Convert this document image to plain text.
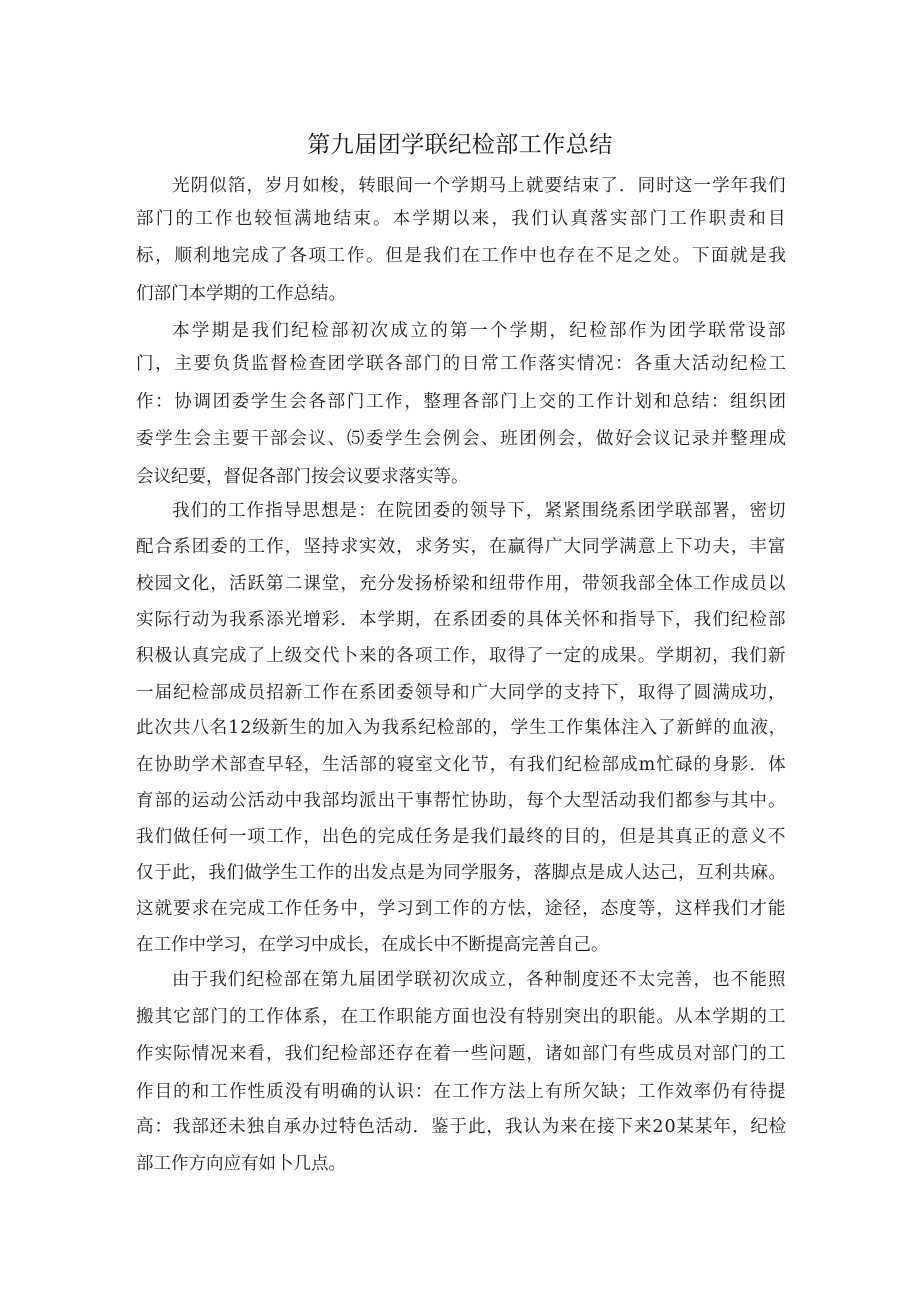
第九届团学联纪检部工作总结
光阴似箔，岁月如梭，转眼间一个学期马上就要结束了．同时这一学年我们
部门的工作也较恒满地结束。本学期以来，我们认真落实部门工作职责和目
标，顺利地完成了各项工作。但是我们在工作中也存在不足之处。下面就是我
们部门本学期的工作总结。
本学期是我们纪检部初次成立的第一个学期，纪检部作为团学联常设部
门，主要负货监督检查团学联各部门的日常工作落实情况：各重大活动纪检工
作：协调团委学生会各部门工作，整理各部门上交的工作计划和总结：组织团
委学生会主要干部会议、⑸委学生会例会、班团例会，做好会议记录并整理成
会议纪要，督促各部门按会议要求落实等。
我们的工作指导思想是：在院团委的领导下，紧紧围绕系团学联部署，密切
配合系团委的工作，坚持求实效，求务实，在赢得广大同学满意上下功夫，丰富
校园文化，活跃第二课堂，充分发扬桥梁和纽带作用，带领我部全体工作成员以
实际行动为我系添光增彩．本学期，在系团委的具体关怀和指导下，我们纪检部
积极认真完成了上级交代卜来的各项工作，取得了一定的成果。学期初，我们新
一届纪检部成员招新工作在系团委领导和广大同学的支持下，取得了圆满成功，
此次共八名12级新生的加入为我系纪检部的，学生工作集体注入了新鲜的血液，
在协助学术部查早轻，生活部的寝室文化节，有我们纪检部成m忙碌的身影．体
育部的运动公活动中我部均派出干事帮忙协助，每个大型活动我们都参与其中。
我们做任何一项工作，出色的完成任务是我们最终的目的，但是其真正的意义不
仅于此，我们做学生工作的出发点是为同学服务，落脚点是成人达己，互利共麻。
这就要求在完成工作任务中，学习到工作的方怯，途径，态度等，这样我们才能
在工作中学习，在学习中成长，在成长中不断提高完善自己。
由于我们纪检部在第九届团学联初次成立，各种制度还不太完善，也不能照
搬其它部门的工作体系，在工作职能方面也没有特别突出的职能。从本学期的工
作实际情况来看，我们纪检部还存在着一些问题，诸如部门有些成员对部门的工
作目的和工作性质没有明确的认识：在工作方法上有所欠缺；工作效率仍有待提
高：我部还未独自承办过特色活动．鉴于此，我认为来在接下来20某某年，纪检
部工作方向应有如卜几点。
